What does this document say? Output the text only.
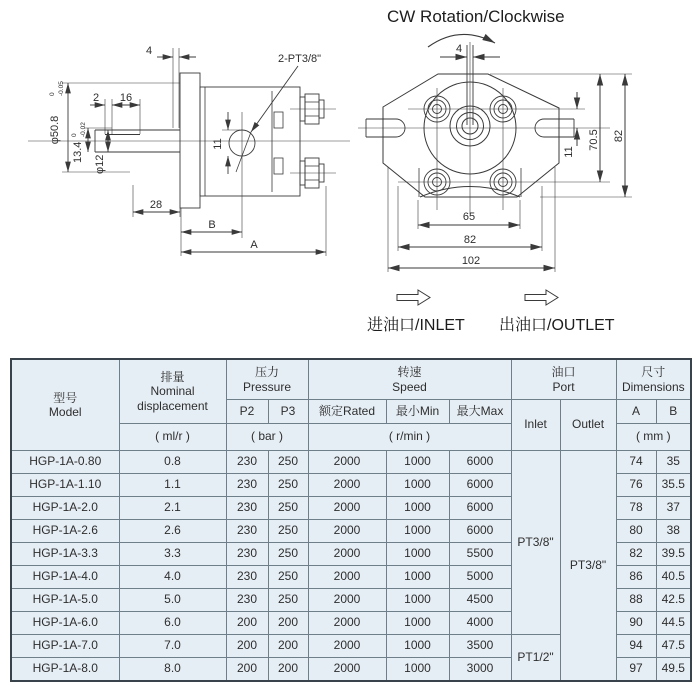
4
2 16
φ50.8
0 -0.05
13.4
0 -0.02
φ12
11
28
B
A
2-PT3/8"
CW Rotation/Clockwise
4
11
70.5 82
65
82
102
进油口/INLET 出油口/OUTLET
型号
Model

排量
Nominal
displacement

压力
Pressure

转速
Speed

油口
Port

尺寸
Dimensions

		P2	P3	额定Rated	最小Min	最大Max	Inlet	Outlet	A	B
	( ml/r )	( bar )		( r/min )					( mm )	
HGP-1A-0.80	0.8	230	250	2000	1000	6000	PT3/8"	PT3/8"	74	35
HGP-1A-1.10	1.1	230	250	2000	1000	6000			76	35.5
HGP-1A-2.0	2.1	230	250	2000	1000	6000			78	37
HGP-1A-2.6	2.6	230	250	2000	1000	6000			80	38
HGP-1A-3.3	3.3	230	250	2000	1000	5500			82	39.5
HGP-1A-4.0	4.0	230	250	2000	1000	5000			86	40.5
HGP-1A-5.0	5.0	230	250	2000	1000	4500			88	42.5
HGP-1A-6.0	6.0	200	200	2000	1000	4000			90	44.5
HGP-1A-7.0	7.0	200	200	2000	1000	3500	PT1/2"		94	47.5
HGP-1A-8.0	8.0	200	200	2000	1000	3000			97	49.5
